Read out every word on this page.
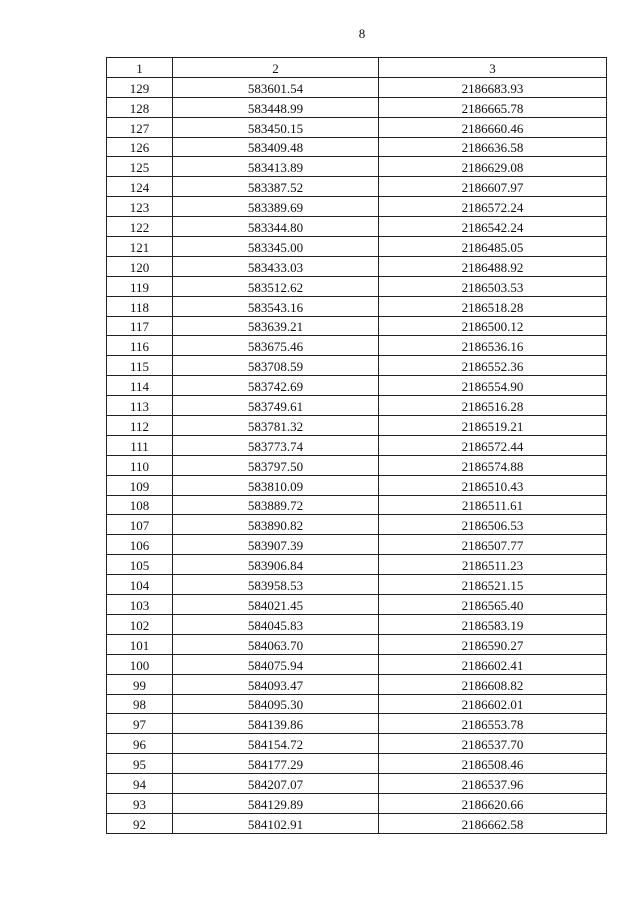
8
1	2	3
129	583601.54	2186683.93
128	583448.99	2186665.78
127	583450.15	2186660.46
126	583409.48	2186636.58
125	583413.89	2186629.08
124	583387.52	2186607.97
123	583389.69	2186572.24
122	583344.80	2186542.24
121	583345.00	2186485.05
120	583433.03	2186488.92
119	583512.62	2186503.53
118	583543.16	2186518.28
117	583639.21	2186500.12
116	583675.46	2186536.16
115	583708.59	2186552.36
114	583742.69	2186554.90
113	583749.61	2186516.28
112	583781.32	2186519.21
111	583773.74	2186572.44
110	583797.50	2186574.88
109	583810.09	2186510.43
108	583889.72	2186511.61
107	583890.82	2186506.53
106	583907.39	2186507.77
105	583906.84	2186511.23
104	583958.53	2186521.15
103	584021.45	2186565.40
102	584045.83	2186583.19
101	584063.70	2186590.27
100	584075.94	2186602.41
99	584093.47	2186608.82
98	584095.30	2186602.01
97	584139.86	2186553.78
96	584154.72	2186537.70
95	584177.29	2186508.46
94	584207.07	2186537.96
93	584129.89	2186620.66
92	584102.91	2186662.58
